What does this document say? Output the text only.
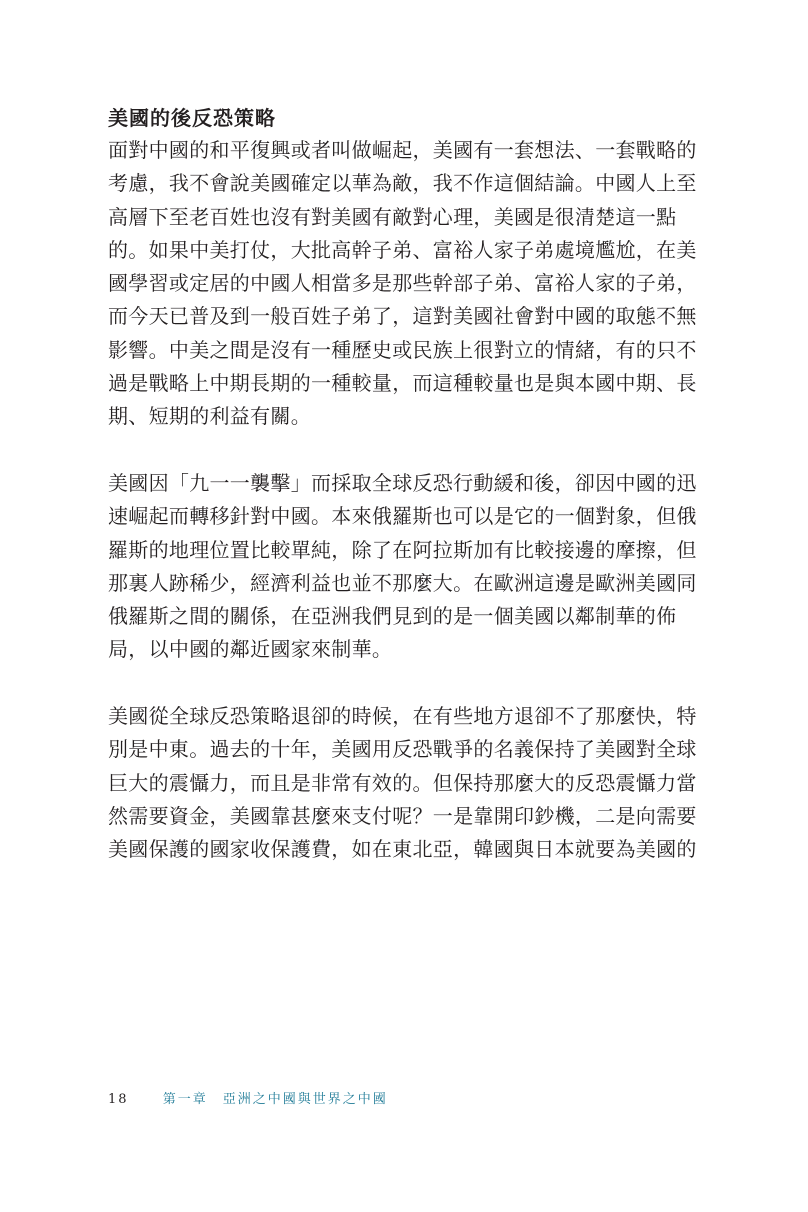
美國的後反恐策略
面對中國的和平復興或者叫做崛起，美國有一套想法、一套戰略的
考慮，我不會說美國確定以華為敵，我不作這個結論。中國人上至
高層下至老百姓也沒有對美國有敵對心理，美國是很清楚這一點
的。如果中美打仗，大批高幹子弟、富裕人家子弟處境尷尬，在美
國學習或定居的中國人相當多是那些幹部子弟、富裕人家的子弟，
而今天已普及到一般百姓子弟了，這對美國社會對中國的取態不無
影響。中美之間是沒有一種歷史或民族上很對立的情緒，有的只不
過是戰略上中期長期的一種較量，而這種較量也是與本國中期、長
期、短期的利益有關。
美國因「九一一襲擊」而採取全球反恐行動緩和後，卻因中國的迅
速崛起而轉移針對中國。本來俄羅斯也可以是它的一個對象，但俄
羅斯的地理位置比較單純，除了在阿拉斯加有比較接邊的摩擦，但
那裏人跡稀少，經濟利益也並不那麼大。在歐洲這邊是歐洲美國同
俄羅斯之間的關係，在亞洲我們見到的是一個美國以鄰制華的佈
局，以中國的鄰近國家來制華。
美國從全球反恐策略退卻的時候，在有些地方退卻不了那麼快，特
別是中東。過去的十年，美國用反恐戰爭的名義保持了美國對全球
巨大的震懾力，而且是非常有效的。但保持那麼大的反恐震懾力當
然需要資金，美國靠甚麼來支付呢？一是靠開印鈔機，二是向需要
美國保護的國家收保護費，如在東北亞，韓國與日本就要為美國的
18	第一章　亞洲之中國與世界之中國
